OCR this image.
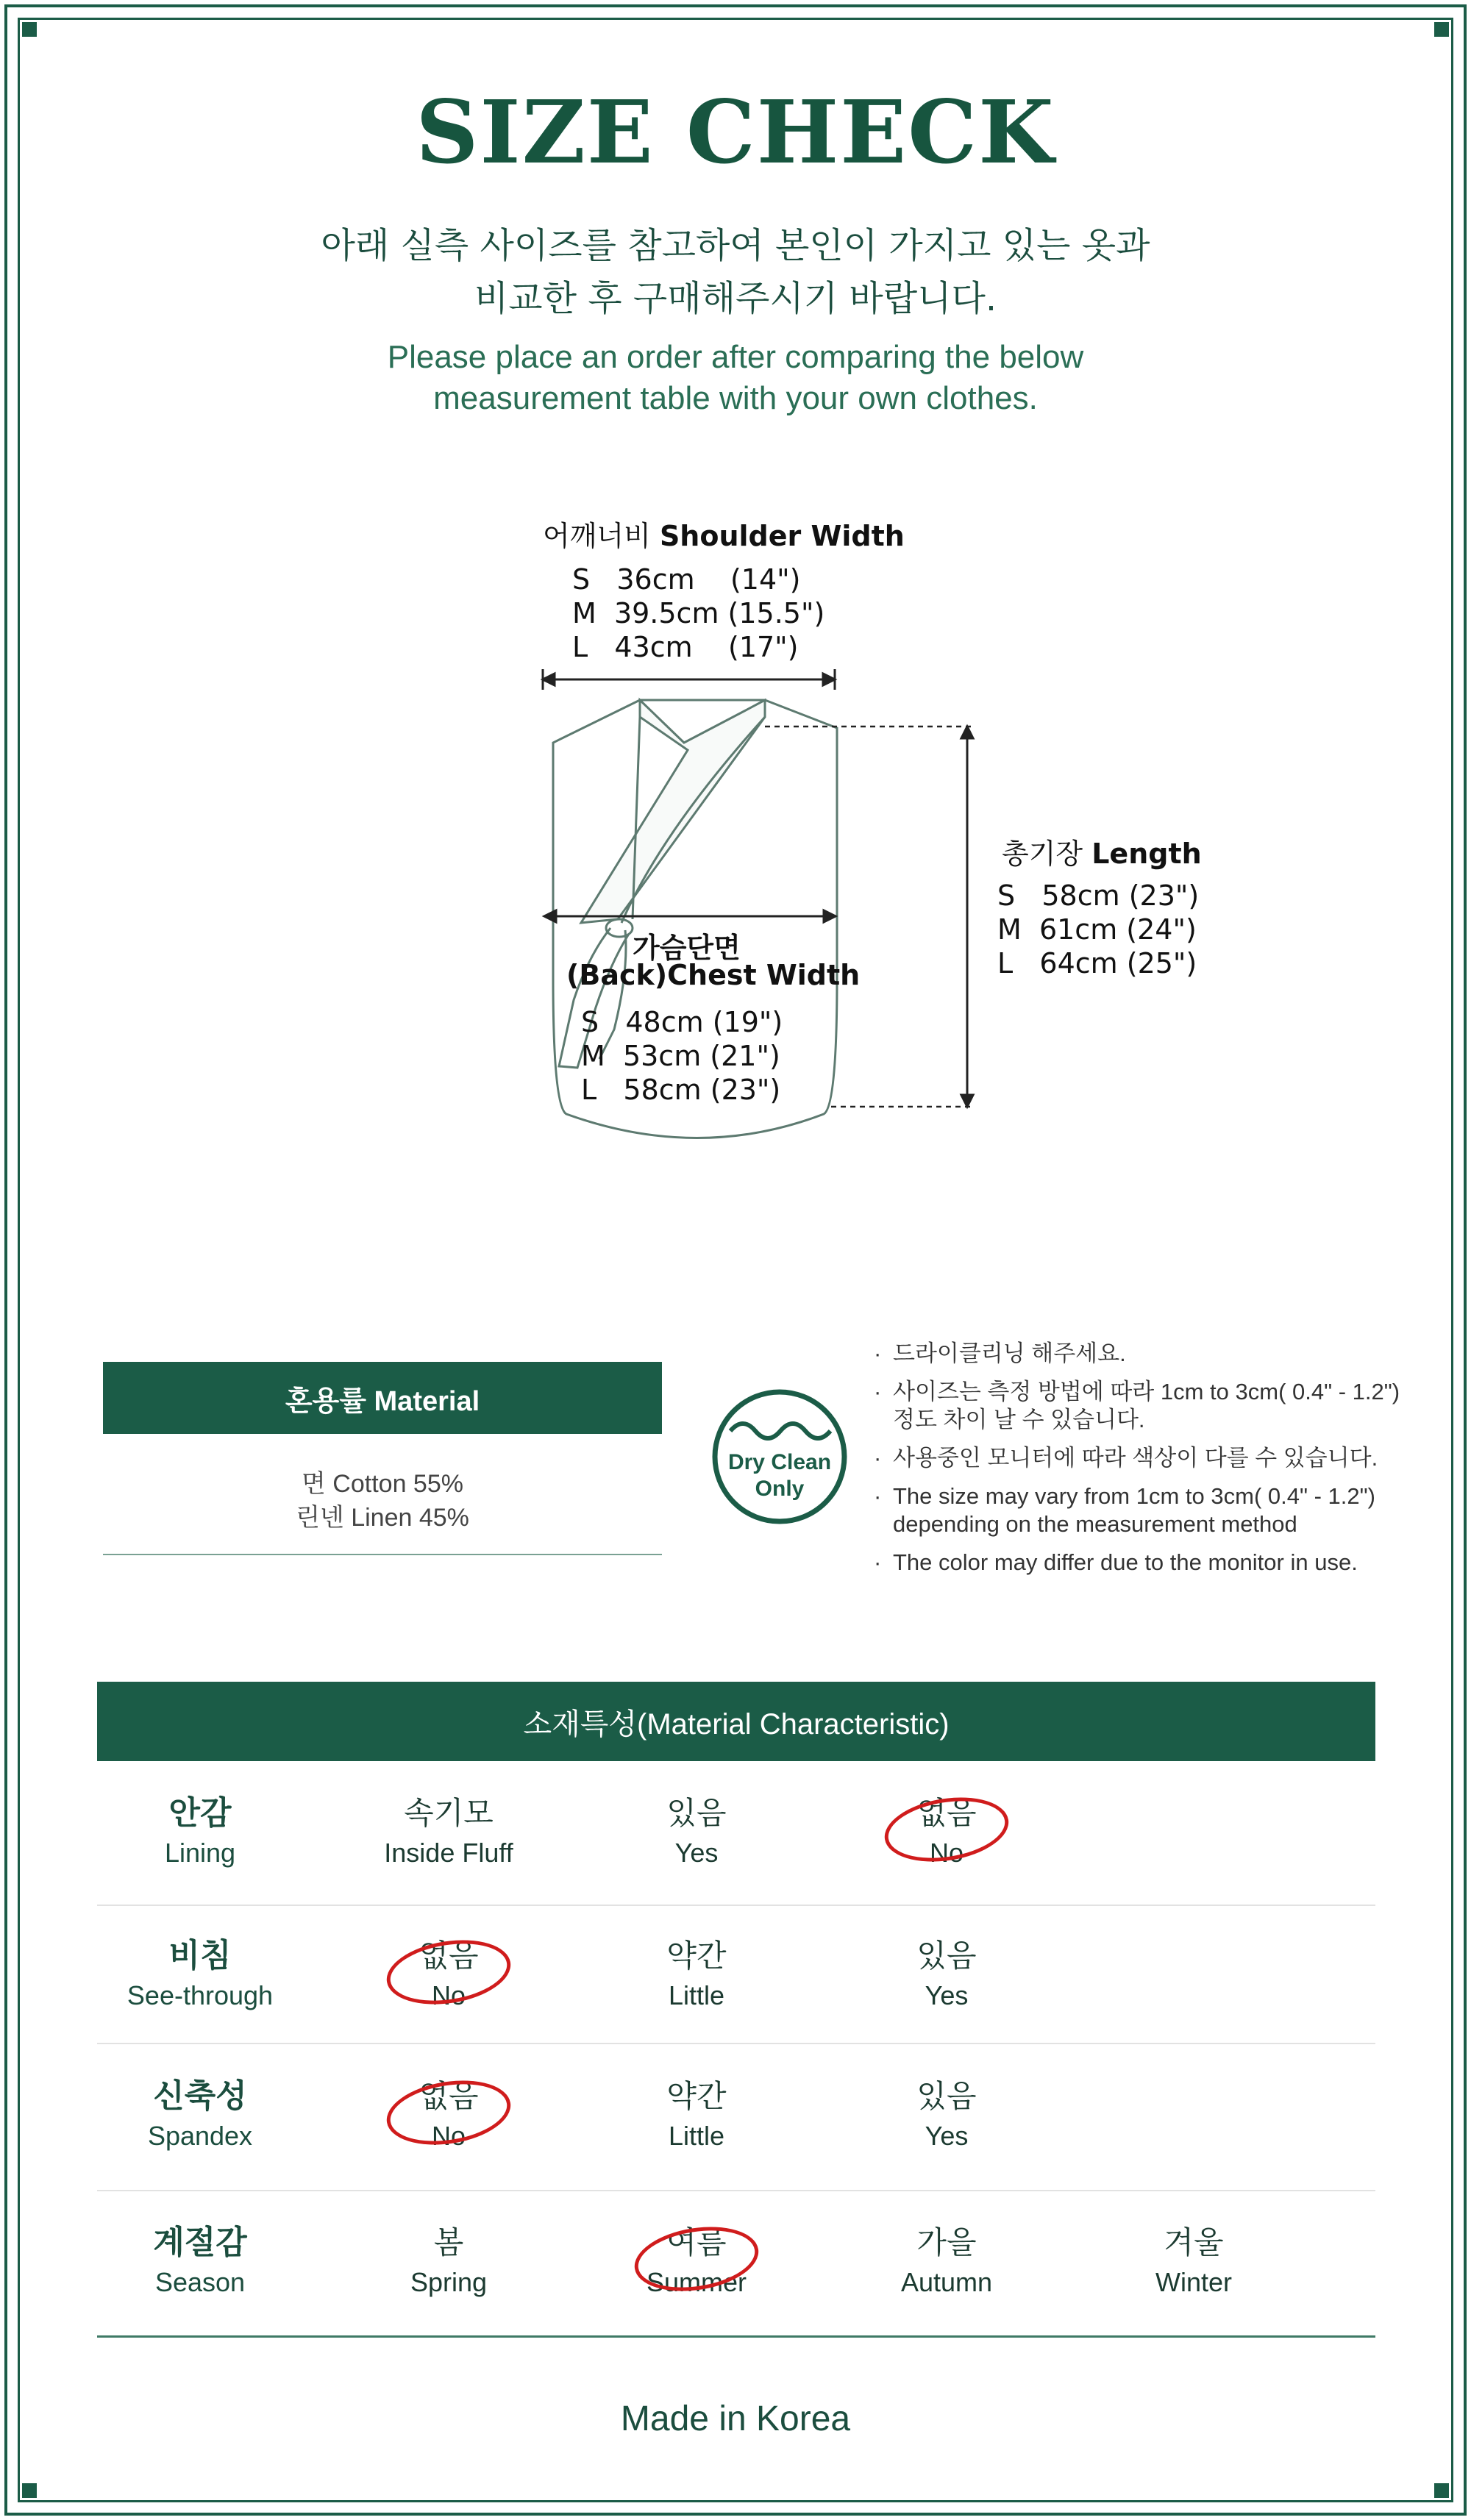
SIZE CHECK
아래 실측 사이즈를 참고하여 본인이 가지고 있는 옷과
비교한 후 구매해주시기 바랍니다.
Please place an order after comparing the below
measurement table with your own clothes.
어깨너비 Shoulder Width
S   36cm    (14")
M  39.5cm (15.5")
L   43cm    (17")
총기장 Length
S   58cm (23")
M  61cm (24")
L   64cm (25")
가슴단면
(Back)Chest Width
S   48cm (19")
M  53cm (21")
L   58cm (23")
혼용률 Material
면 Cotton 55%
린넨 Linen 45%
Dry Clean
Only
· 드라이클리닝 해주세요.
· 사이즈는 측정 방법에 따라 1cm to 3cm( 0.4" - 1.2")
정도 차이 날 수 있습니다.
· 사용중인 모니터에 따라 색상이 다를 수 있습니다.
· The size may vary from 1cm to 3cm( 0.4" - 1.2")
depending on the measurement method
· The color may differ due to the monitor in use.
소재특성(Material Characteristic)
안감
Lining
속기모
Inside Fluff
있음
Yes
없음
No
비침
See-through
없음
No
약간
Little
있음
Yes
신축성
Spandex
없음
No
약간
Little
있음
Yes
계절감
Season
봄
Spring
여름
Summer
가을
Autumn
겨울
Winter
Made in Korea
